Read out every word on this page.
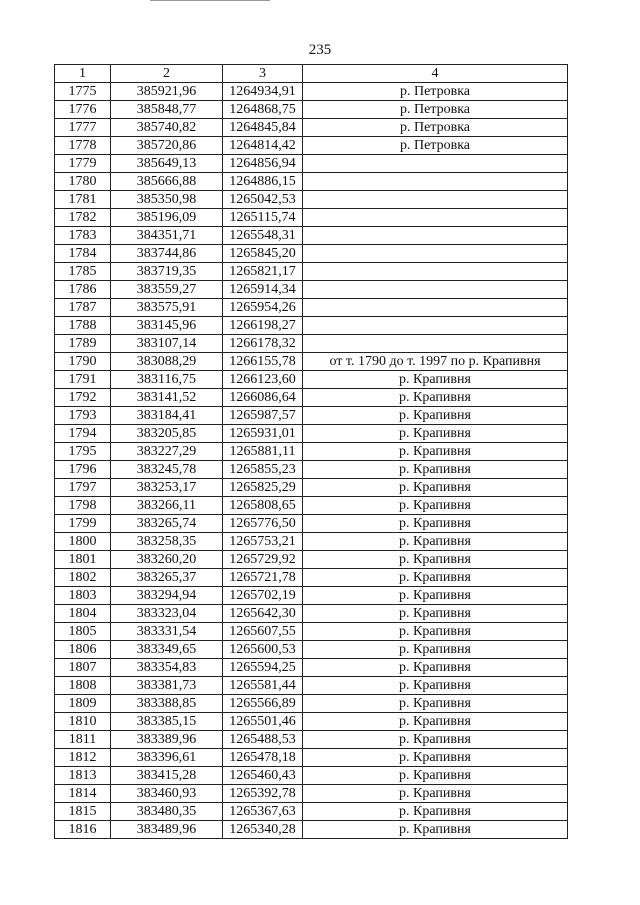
235
1	2	3	4
1775	385921,96	1264934,91	р. Петровка
1776	385848,77	1264868,75	р. Петровка
1777	385740,82	1264845,84	р. Петровка
1778	385720,86	1264814,42	р. Петровка
1779	385649,13	1264856,94	
1780	385666,88	1264886,15	
1781	385350,98	1265042,53	
1782	385196,09	1265115,74	
1783	384351,71	1265548,31	
1784	383744,86	1265845,20	
1785	383719,35	1265821,17	
1786	383559,27	1265914,34	
1787	383575,91	1265954,26	
1788	383145,96	1266198,27	
1789	383107,14	1266178,32	
1790	383088,29	1266155,78	от т. 1790 до т. 1997 по р. Крапивня
1791	383116,75	1266123,60	р. Крапивня
1792	383141,52	1266086,64	р. Крапивня
1793	383184,41	1265987,57	р. Крапивня
1794	383205,85	1265931,01	р. Крапивня
1795	383227,29	1265881,11	р. Крапивня
1796	383245,78	1265855,23	р. Крапивня
1797	383253,17	1265825,29	р. Крапивня
1798	383266,11	1265808,65	р. Крапивня
1799	383265,74	1265776,50	р. Крапивня
1800	383258,35	1265753,21	р. Крапивня
1801	383260,20	1265729,92	р. Крапивня
1802	383265,37	1265721,78	р. Крапивня
1803	383294,94	1265702,19	р. Крапивня
1804	383323,04	1265642,30	р. Крапивня
1805	383331,54	1265607,55	р. Крапивня
1806	383349,65	1265600,53	р. Крапивня
1807	383354,83	1265594,25	р. Крапивня
1808	383381,73	1265581,44	р. Крапивня
1809	383388,85	1265566,89	р. Крапивня
1810	383385,15	1265501,46	р. Крапивня
1811	383389,96	1265488,53	р. Крапивня
1812	383396,61	1265478,18	р. Крапивня
1813	383415,28	1265460,43	р. Крапивня
1814	383460,93	1265392,78	р. Крапивня
1815	383480,35	1265367,63	р. Крапивня
1816	383489,96	1265340,28	р. Крапивня
